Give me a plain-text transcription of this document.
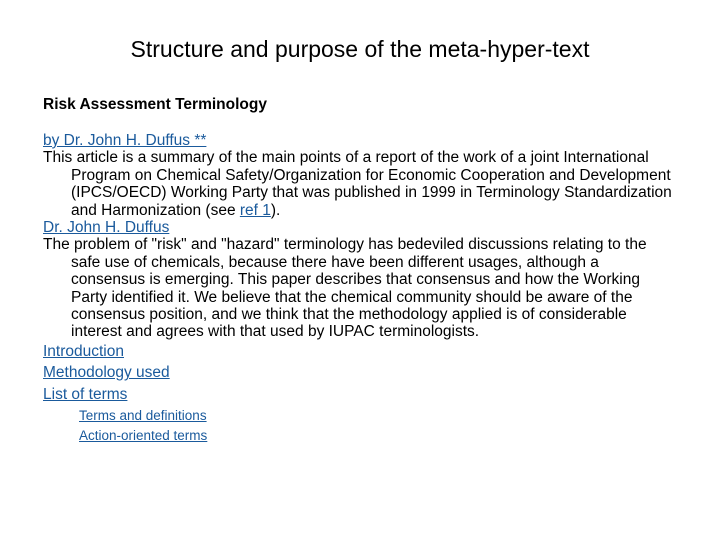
Structure and purpose of the meta-hyper-text
Risk Assessment Terminology
by Dr. John H. Duffus **

This article is a summary of the main points of a report of the work of a joint International Program on Chemical Safety/Organization for Economic Cooperation and Development (IPCS/OECD) Working Party that was published in 1999 in Terminology Standardization and Harmonization (see ref 1).

Dr. John H. Duffus

The problem of "risk" and "hazard" terminology has bedeviled discussions relating to the safe use of chemicals, because there have been different usages, although a consensus is emerging. This paper describes that consensus and how the Working Party identified it. We believe that the chemical community should be aware of the consensus position, and we think that the methodology applied is of considerable interest and agrees with that used by IUPAC terminologists.

Introduction
Methodology used
List of terms
Terms and definitions
Action-oriented terms
